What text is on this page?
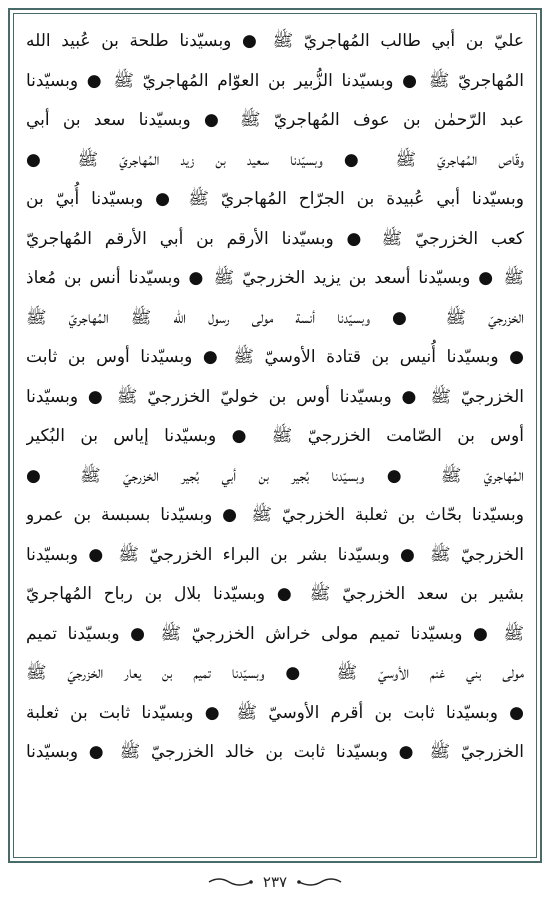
عليّ بن أبي طالب المُهاجريّ ﷺ ● وبسيّدنا طلحة بن عُبيد الله
المُهاجريّ ﷺ ● وبسيّدنا الزُّبير بن العوّام المُهاجريّ ﷺ ● وبسيّدنا
عبد الرّحمٰن بن عوف المُهاجريّ ﷺ ● وبسيّدنا سعد بن أبي
وقّاص المُهاجريّ ﷺ ● وبسيّدنا سعيد بن زيد المُهاجريّ ﷺ ●
وبسيّدنا أبي عُبيدة بن الجرّاح المُهاجريّ ﷺ ● وبسيّدنا أُبيّ بن
كعب الخزرجيّ ﷺ ● وبسيّدنا الأرقم بن أبي الأرقم المُهاجريّ
ﷺ ● وبسيّدنا أسعد بن يزيد الخزرجيّ ﷺ ● وبسيّدنا أنس بن مُعاذ
الخزرجيّ ﷺ ● وبسيّدنا أنسة مولى رسول الله ﷺ المُهاجريّ ﷺ
● وبسيّدنا أُنيس بن قتادة الأوسيّ ﷺ ● وبسيّدنا أوس بن ثابت
الخزرجيّ ﷺ ● وبسيّدنا أوس بن خوليّ الخزرجيّ ﷺ ● وبسيّدنا
أوس بن الصّامت الخزرجيّ ﷺ ● وبسيّدنا إياس بن البُكير
المُهاجريّ ﷺ ● وبسيّدنا بُجير بن أبي بُجير الخزرجيّ ﷺ ●
وبسيّدنا بحّاث بن ثعلبة الخزرجيّ ﷺ ● وبسيّدنا بسبسة بن عمرو
الخزرجيّ ﷺ ● وبسيّدنا بشر بن البراء الخزرجيّ ﷺ ● وبسيّدنا
بشير بن سعد الخزرجيّ ﷺ ● وبسيّدنا بلال بن رباح المُهاجريّ
ﷺ ● وبسيّدنا تميم مولى خراش الخزرجيّ ﷺ ● وبسيّدنا تميم
مولى بني غنم الأوسيّ ﷺ ● وبسيّدنا تميم بن يعار الخزرجيّ ﷺ
● وبسيّدنا ثابت بن أقرم الأوسيّ ﷺ ● وبسيّدنا ثابت بن ثعلبة
الخزرجيّ ﷺ ● وبسيّدنا ثابت بن خالد الخزرجيّ ﷺ ● وبسيّدنا
٢٣٧
